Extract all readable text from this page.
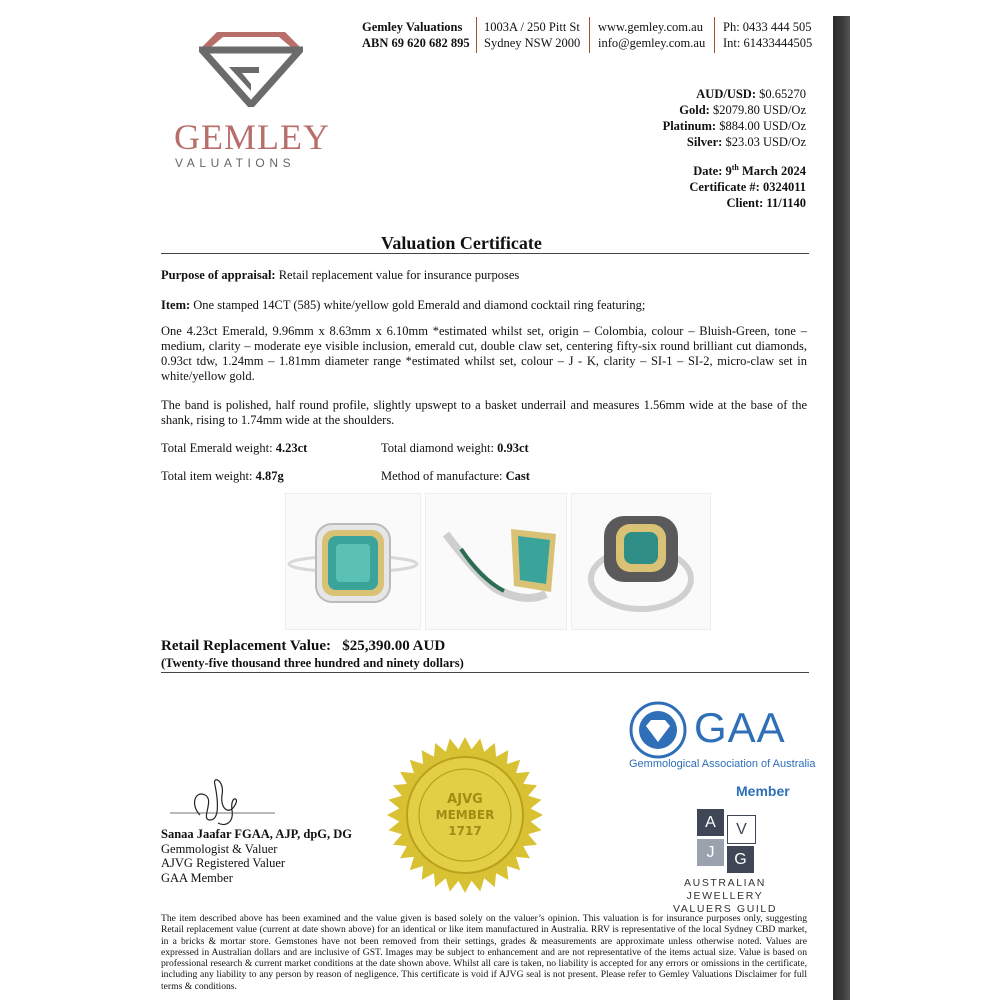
GEMLEY
VALUATIONS
Gemley Valuations
ABN 69 620 682 895
1003A / 250 Pitt St
Sydney NSW 2000
www.gemley.com.au
info@gemley.com.au
Ph: 0433 444 505
Int: 61433444505
AUD/USD: $0.65270
Gold: $2079.80 USD/Oz
Platinum: $884.00 USD/Oz
Silver: $23.03 USD/Oz
Date: 9th March 2024
Certificate #: 0324011
Client: 11/1140
Valuation Certificate
Purpose of appraisal: Retail replacement value for insurance purposes
Item: One stamped 14CT (585) white/yellow gold Emerald and diamond cocktail ring featuring;
One 4.23ct Emerald, 9.96mm x 8.63mm x 6.10mm *estimated whilst set, origin – Colombia, colour – Bluish-Green, tone – medium, clarity – moderate eye visible inclusion, emerald cut, double claw set, centering fifty-six round brilliant cut diamonds, 0.93ct tdw, 1.24mm – 1.81mm diameter range *estimated whilst set, colour – J - K, clarity – SI-1 – SI-2, micro-claw set in white/yellow gold.
The band is polished, half round profile, slightly upswept to a basket underrail and measures 1.56mm wide at the base of the shank, rising to 1.74mm wide at the shoulders.
Total Emerald weight: 4.23ct	Total diamond weight: 0.93ct
Total item weight: 4.87g	Method of manufacture: Cast
Retail Replacement Value: $25,390.00 AUD
(Twenty-five thousand three hundred and ninety dollars)
Sanaa Jaafar FGAA, AJP, dpG, DG
Gemmologist & Valuer
AJVG Registered Valuer
GAA Member
AJVG
MEMBER
1717
GAA
Gemmological Association of Australia
Member
A	V
J	G
AUSTRALIAN JEWELLERY
VALUERS GUILD
The item described above has been examined and the value given is based solely on the valuer’s opinion. This valuation is for insurance purposes only, suggesting Retail replacement value (current at date shown above) for an identical or like item manufactured in Australia. RRV is representative of the local Sydney CBD market, in a bricks & mortar store. Gemstones have not been removed from their settings, grades & measurements are approximate unless otherwise noted. Values are expressed in Australian dollars and are inclusive of GST. Images may be subject to enhancement and are not representative of the items actual size. Value is based on professional research & current market conditions at the date shown above. Whilst all care is taken, no liability is accepted for any errors or omissions in the certificate, including any liability to any person by reason of negligence. This certificate is void if AJVG seal is not present. Please refer to Gemley Valuations Disclaimer for full terms & conditions.
